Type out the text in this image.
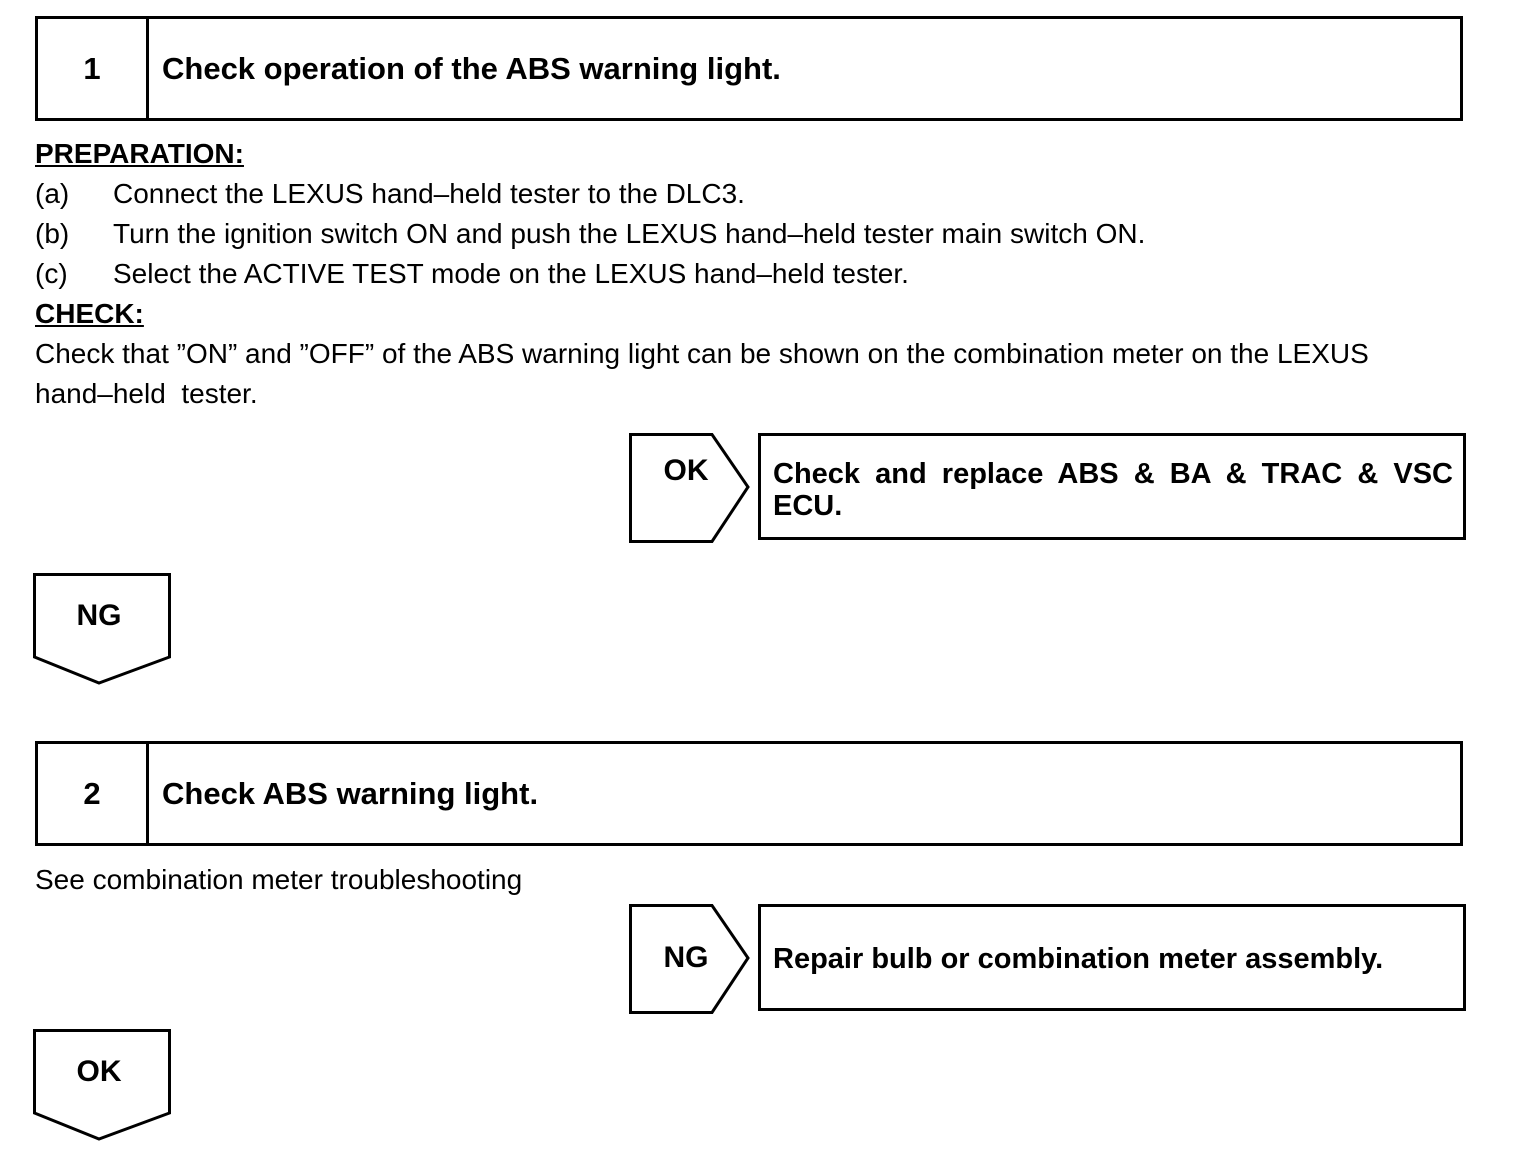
1	Check operation of the ABS warning light.
PREPARATION:
(a) Connect the LEXUS hand–held tester to the DLC3.
(b) Turn the ignition switch ON and push the LEXUS hand–held tester main switch ON.
(c) Select the ACTIVE TEST mode on the LEXUS hand–held tester.
CHECK:
Check that ”ON” and ”OFF” of the ABS warning light can be shown on the combination meter on the LEXUS
hand–held  tester.
OK	Check and replace ABS & BA & TRAC & VSC ECU.
NG
2	Check ABS warning light.
See combination meter troubleshooting
NG	Repair bulb or combination meter assembly.
OK
